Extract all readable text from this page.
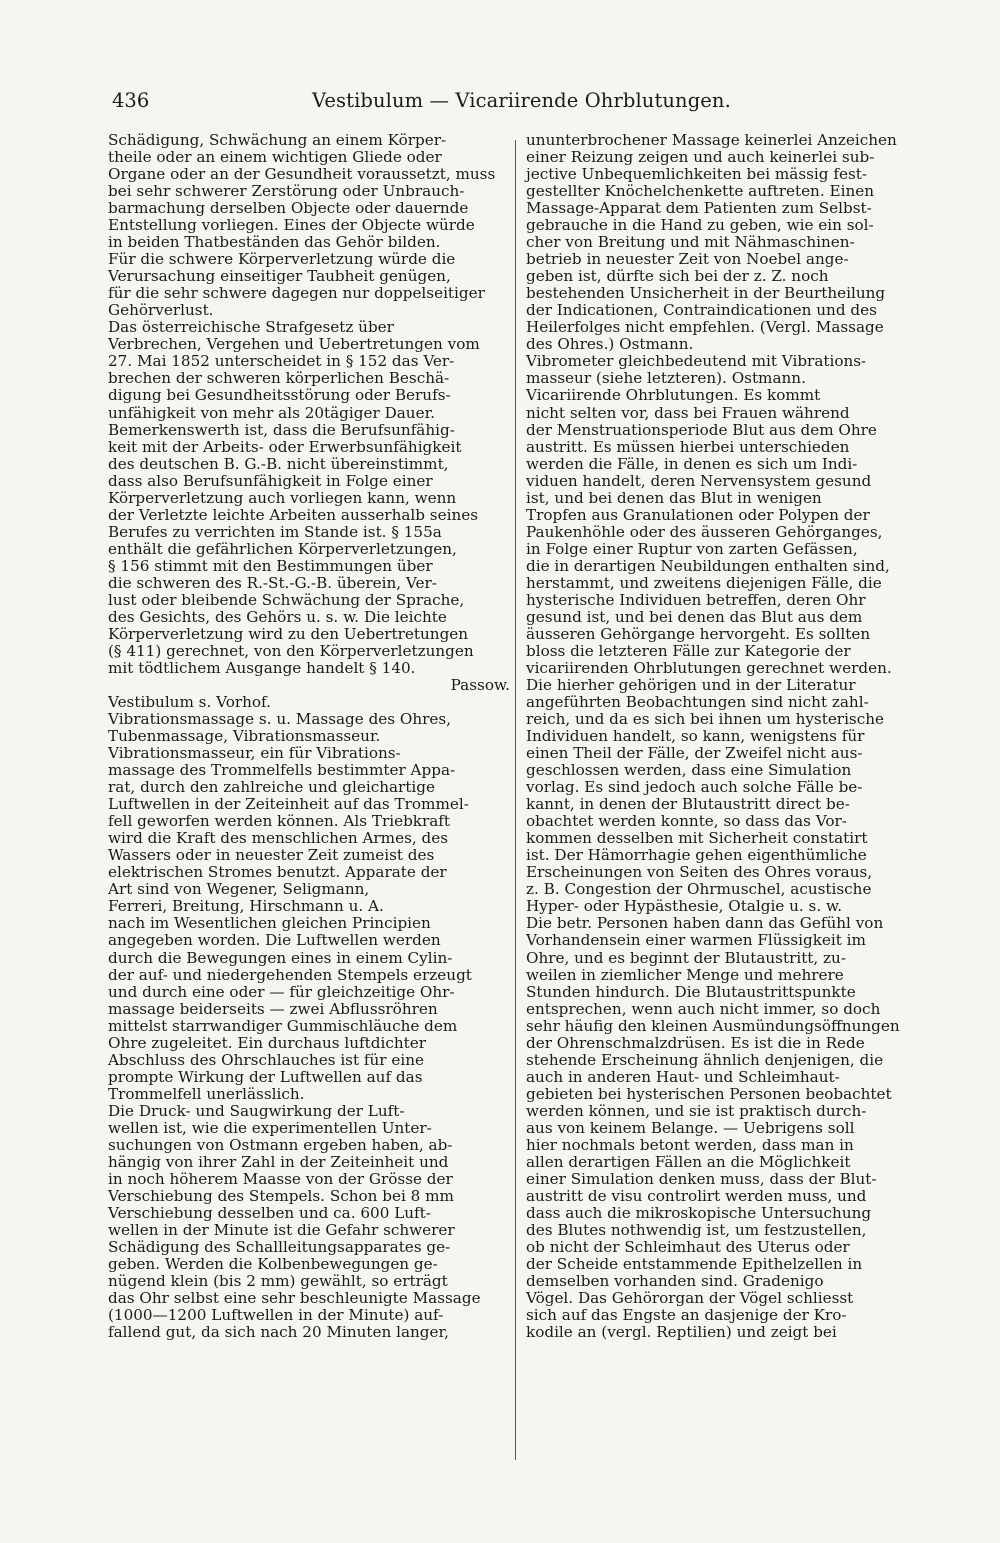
436	Vestibulum — Vicariirende Ohrblutungen.
Schädigung, Schwächung an einem Körper-
theile oder an einem wichtigen Gliede oder
Organe oder an der Gesundheit voraussetzt, muss
bei sehr schwerer Zerstörung oder Unbrauch-
barmachung derselben Objecte oder dauernde
Entstellung vorliegen. Eines der Objecte würde
in beiden Thatbeständen das Gehör bilden.
Für die schwere Körperverletzung würde die
Verursachung einseitiger Taubheit genügen,
für die sehr schwere dagegen nur doppelseitiger
Gehörverlust.
Das österreichische Strafgesetz über
Verbrechen, Vergehen und Uebertretungen vom
27. Mai 1852 unterscheidet in § 152 das Ver-
brechen der schweren körperlichen Beschä-
digung bei Gesundheitsstörung oder Berufs-
unfähigkeit von mehr als 20tägiger Dauer.
Bemerkenswerth ist, dass die Berufsunfähig-
keit mit der Arbeits- oder Erwerbsunfähigkeit
des deutschen B. G.-B. nicht übereinstimmt,
dass also Berufsunfähigkeit in Folge einer
Körperverletzung auch vorliegen kann, wenn
der Verletzte leichte Arbeiten ausserhalb seines
Berufes zu verrichten im Stande ist. § 155a
enthält die gefährlichen Körperverletzungen,
§ 156 stimmt mit den Bestimmungen über
die schweren des R.-St.-G.-B. überein, Ver-
lust oder bleibende Schwächung der Sprache,
des Gesichts, des Gehörs u. s. w. Die leichte
Körperverletzung wird zu den Uebertretungen
(§ 411) gerechnet, von den Körperverletzungen
mit tödtlichem Ausgange handelt § 140.
Passow.
Vestibulum s. Vorhof.
Vibrationsmassage s. u. Massage des Ohres,
Tubenmassage, Vibrationsmasseur.
Vibrationsmasseur, ein für Vibrations-
massage des Trommelfells bestimmter Appa-
rat, durch den zahlreiche und gleichartige
Luftwellen in der Zeiteinheit auf das Trommel-
fell geworfen werden können. Als Triebkraft
wird die Kraft des menschlichen Armes, des
Wassers oder in neuester Zeit zumeist des
elektrischen Stromes benutzt. Apparate der
Art sind von Wegener, Seligmann,
Ferreri, Breitung, Hirschmann u. A.
nach im Wesentlichen gleichen Principien
angegeben worden. Die Luftwellen werden
durch die Bewegungen eines in einem Cylin-
der auf- und niedergehenden Stempels erzeugt
und durch eine oder — für gleichzeitige Ohr-
massage beiderseits — zwei Abflussröhren
mittelst starrwandiger Gummischläuche dem
Ohre zugeleitet. Ein durchaus luftdichter
Abschluss des Ohrschlauches ist für eine
prompte Wirkung der Luftwellen auf das
Trommelfell unerlässlich.
Die Druck- und Saugwirkung der Luft-
wellen ist, wie die experimentellen Unter-
suchungen von Ostmann ergeben haben, ab-
hängig von ihrer Zahl in der Zeiteinheit und
in noch höherem Maasse von der Grösse der
Verschiebung des Stempels. Schon bei 8 mm
Verschiebung desselben und ca. 600 Luft-
wellen in der Minute ist die Gefahr schwerer
Schädigung des Schallleitungsapparates ge-
geben. Werden die Kolbenbewegungen ge-
nügend klein (bis 2 mm) gewählt, so erträgt
das Ohr selbst eine sehr beschleunigte Massage
(1000—1200 Luftwellen in der Minute) auf-
fallend gut, da sich nach 20 Minuten langer,
ununterbrochener Massage keinerlei Anzeichen
einer Reizung zeigen und auch keinerlei sub-
jective Unbequemlichkeiten bei mässig fest-
gestellter Knöchelchenkette auftreten. Einen
Massage-Apparat dem Patienten zum Selbst-
gebrauche in die Hand zu geben, wie ein sol-
cher von Breitung und mit Nähmaschinen-
betrieb in neuester Zeit von Noebel ange-
geben ist, dürfte sich bei der z. Z. noch
bestehenden Unsicherheit in der Beurtheilung
der Indicationen, Contraindicationen und des
Heilerfolges nicht empfehlen. (Vergl. Massage
des Ohres.) Ostmann.
Vibrometer gleichbedeutend mit Vibrations-
masseur (siehe letzteren). Ostmann.
Vicariirende Ohrblutungen. Es kommt
nicht selten vor, dass bei Frauen während
der Menstruationsperiode Blut aus dem Ohre
austritt. Es müssen hierbei unterschieden
werden die Fälle, in denen es sich um Indi-
viduen handelt, deren Nervensystem gesund
ist, und bei denen das Blut in wenigen
Tropfen aus Granulationen oder Polypen der
Paukenhöhle oder des äusseren Gehörganges,
in Folge einer Ruptur von zarten Gefässen,
die in derartigen Neubildungen enthalten sind,
herstammt, und zweitens diejenigen Fälle, die
hysterische Individuen betreffen, deren Ohr
gesund ist, und bei denen das Blut aus dem
äusseren Gehörgange hervorgeht. Es sollten
bloss die letzteren Fälle zur Kategorie der
vicariirenden Ohrblutungen gerechnet werden.
Die hierher gehörigen und in der Literatur
angeführten Beobachtungen sind nicht zahl-
reich, und da es sich bei ihnen um hysterische
Individuen handelt, so kann, wenigstens für
einen Theil der Fälle, der Zweifel nicht aus-
geschlossen werden, dass eine Simulation
vorlag. Es sind jedoch auch solche Fälle be-
kannt, in denen der Blutaustritt direct be-
obachtet werden konnte, so dass das Vor-
kommen desselben mit Sicherheit constatirt
ist. Der Hämorrhagie gehen eigenthümliche
Erscheinungen von Seiten des Ohres voraus,
z. B. Congestion der Ohrmuschel, acustische
Hyper- oder Hypästhesie, Otalgie u. s. w.
Die betr. Personen haben dann das Gefühl von
Vorhandensein einer warmen Flüssigkeit im
Ohre, und es beginnt der Blutaustritt, zu-
weilen in ziemlicher Menge und mehrere
Stunden hindurch. Die Blutaustrittspunkte
entsprechen, wenn auch nicht immer, so doch
sehr häufig den kleinen Ausmündungsöffnungen
der Ohrenschmalzdrüsen. Es ist die in Rede
stehende Erscheinung ähnlich denjenigen, die
auch in anderen Haut- und Schleimhaut-
gebieten bei hysterischen Personen beobachtet
werden können, und sie ist praktisch durch-
aus von keinem Belange. — Uebrigens soll
hier nochmals betont werden, dass man in
allen derartigen Fällen an die Möglichkeit
einer Simulation denken muss, dass der Blut-
austritt de visu controlirt werden muss, und
dass auch die mikroskopische Untersuchung
des Blutes nothwendig ist, um festzustellen,
ob nicht der Schleimhaut des Uterus oder
der Scheide entstammende Epithelzellen in
demselben vorhanden sind. Gradenigo
Vögel. Das Gehörorgan der Vögel schliesst
sich auf das Engste an dasjenige der Kro-
kodile an (vergl. Reptilien) und zeigt bei
